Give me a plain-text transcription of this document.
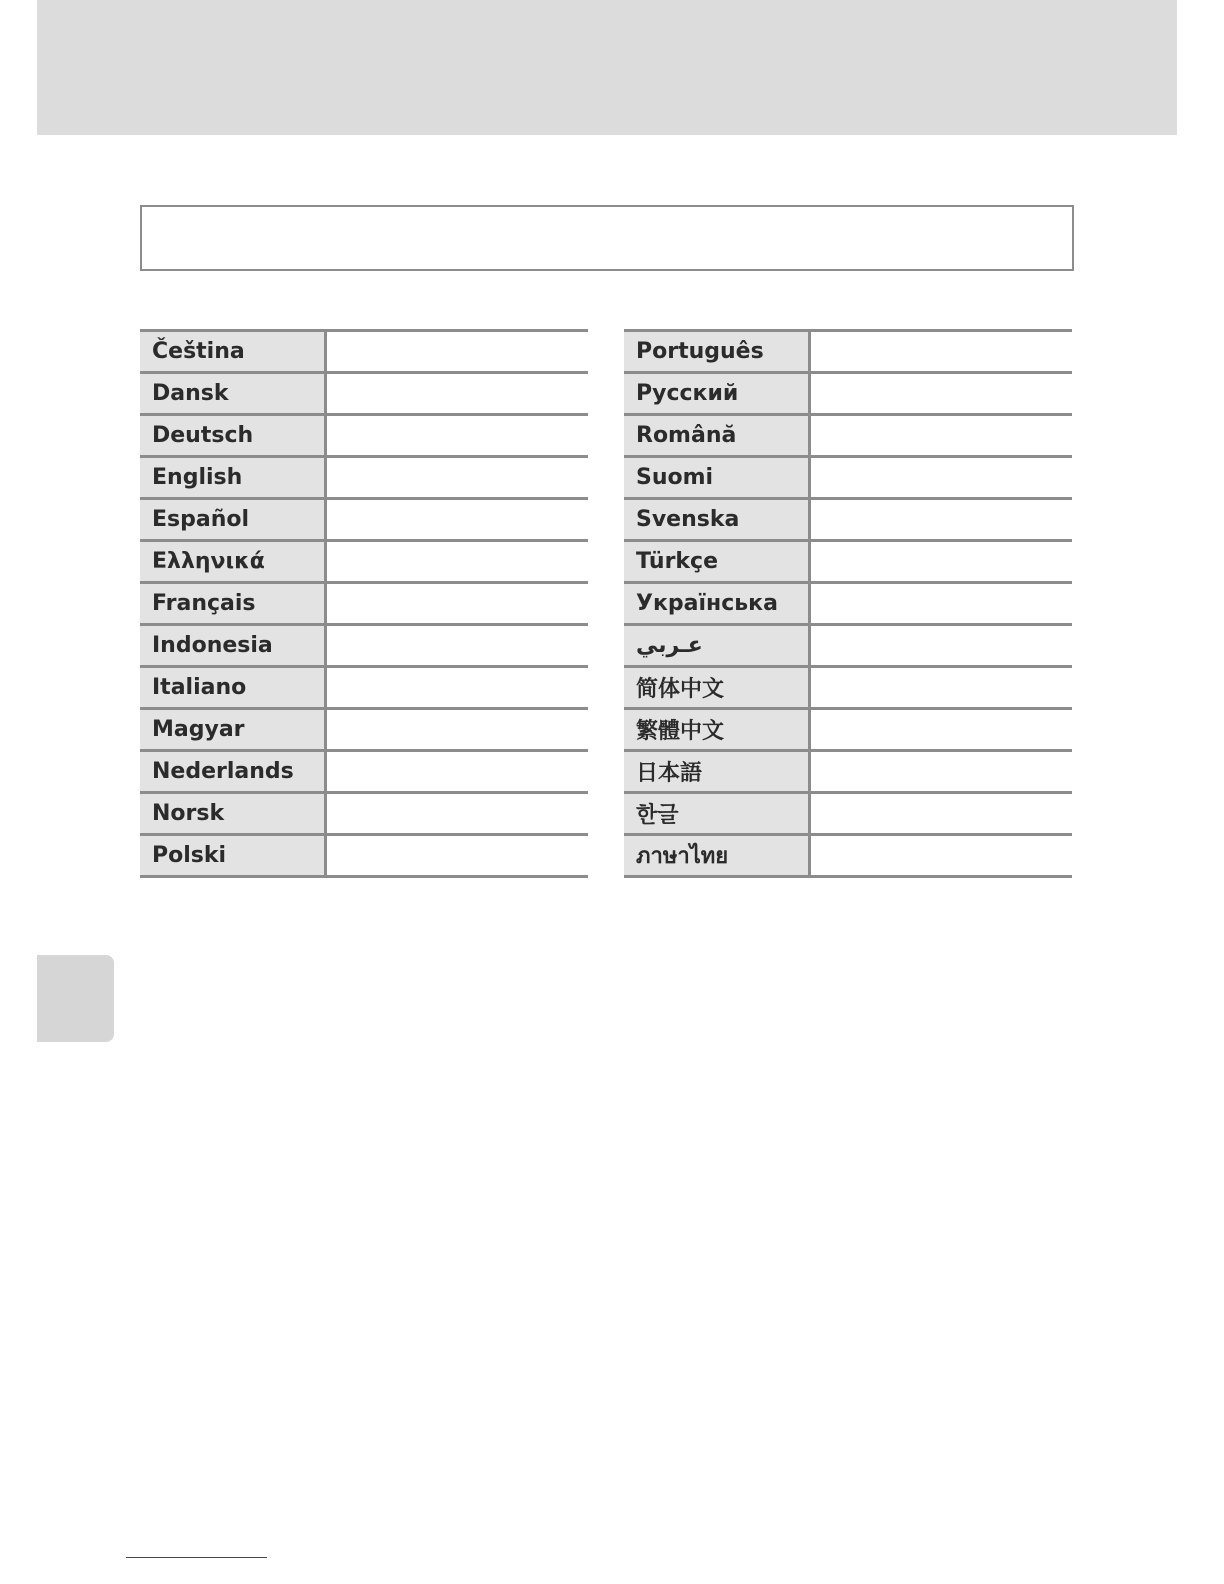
Čeština
Dansk
Deutsch
English
Español
Ελληνικά
Français
Indonesia
Italiano
Magyar
Nederlands
Norsk
Polski
Português
Русский
Română
Suomi
Svenska
Türkçe
Українська
عـربي
简体中文
繁體中文
日本語
한글
ภาษาไทย
